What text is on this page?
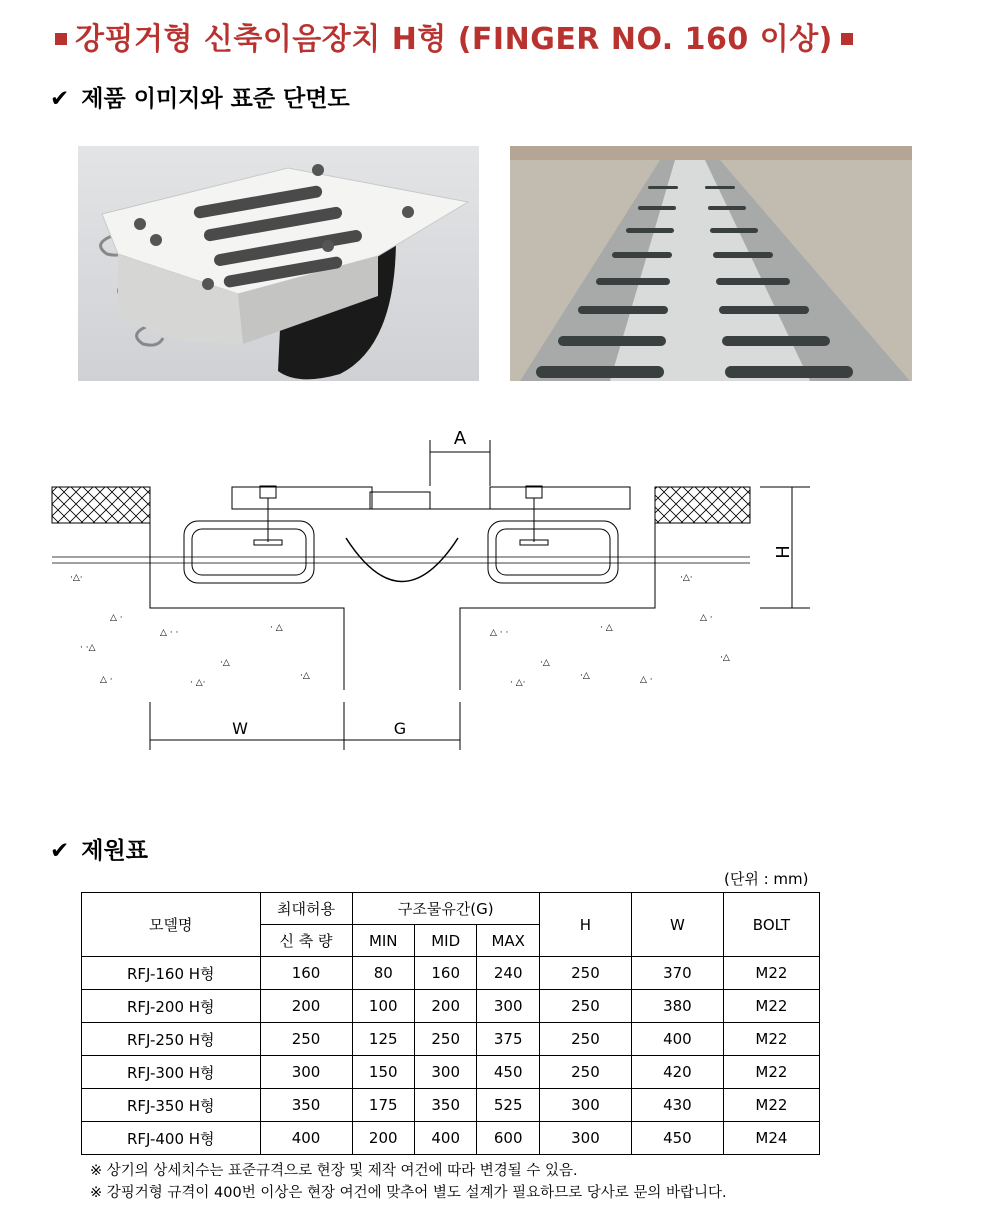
강핑거형 신축이음장치 H형 (FINGER NO. 160 이상)
✔ 제품 이미지와 표준 단면도
·△·
△ ·
· ·△
△ · ·
·△
· △
△ ·	· △·
·△
·△·
△ ·
·△
△ · ·
·△
· △
△ ·
· △·
·△
A
H
W	G
✔ 제원표
(단위 : mm)
모델명	최대허용	구조물유간(G)			H	W	BOLT
	신 축 량	MIN	MID	MAX			
RFJ-160 H형	160	80	160	240	250	370	M22
RFJ-200 H형	200	100	200	300	250	380	M22
RFJ-250 H형	250	125	250	375	250	400	M22
RFJ-300 H형	300	150	300	450	250	420	M22
RFJ-350 H형	350	175	350	525	300	430	M22
RFJ-400 H형	400	200	400	600	300	450	M24
※ 상기의 상세치수는 표준규격으로 현장 및 제작 여건에 따라 변경될 수 있음.
※ 강핑거형 규격이 400번 이상은 현장 여건에 맞추어 별도 설계가 필요하므로 당사로 문의 바랍니다.
